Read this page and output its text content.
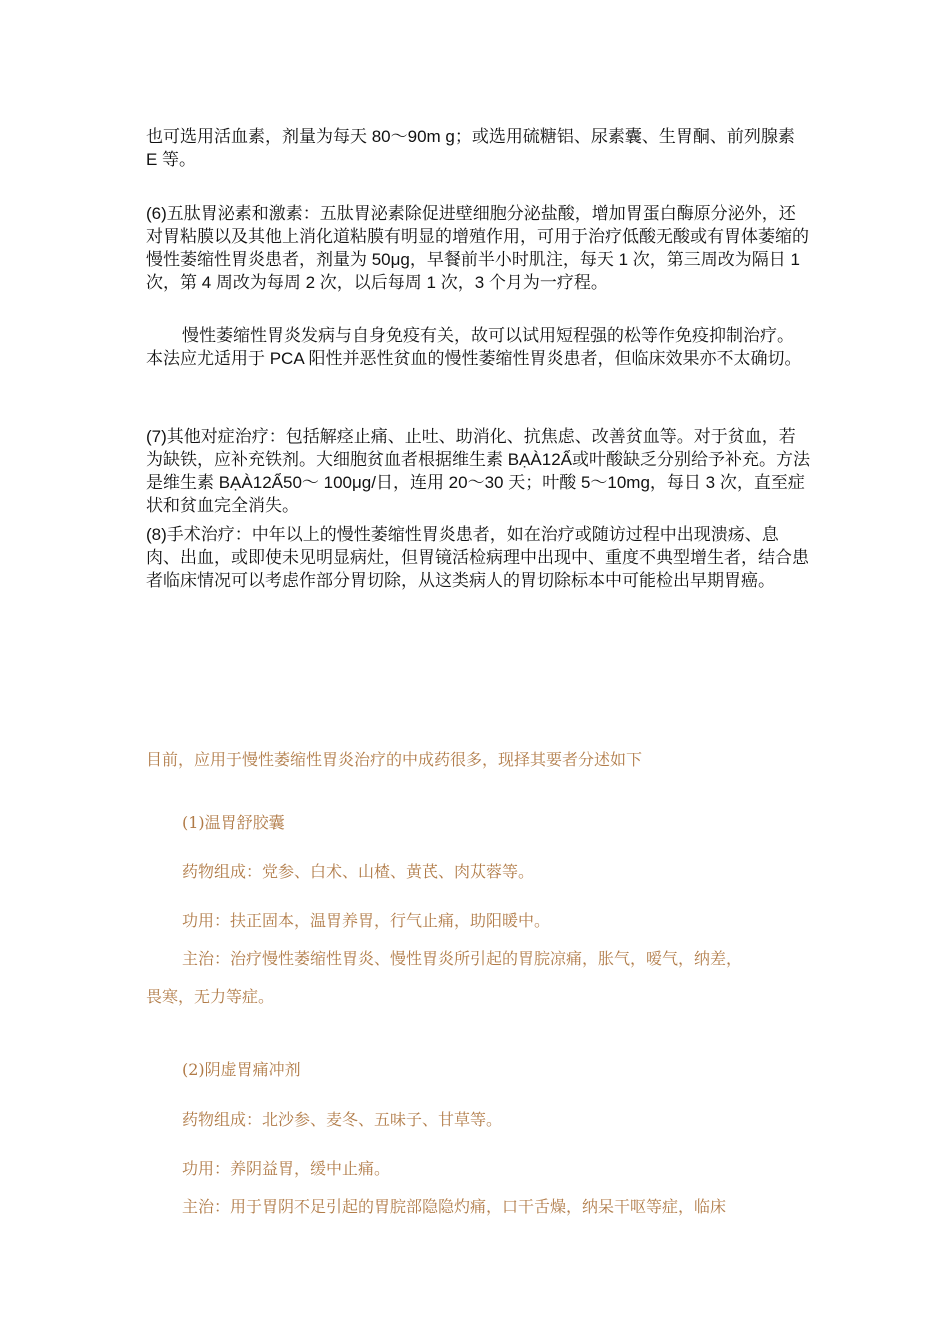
也可选用活血素，剂量为每天 80～90m g；或选用硫糖铝、尿素囊、生胃酮、前列腺素 E 等。

(6)五肽胃泌素和激素：五肽胃泌素除促进壁细胞分泌盐酸，增加胃蛋白酶原分泌外，还对胃粘膜以及其他上消化道粘膜有明显的增殖作用，可用于治疗低酸无酸或有胃体萎缩的慢性萎缩性胃炎患者，剂量为 50μg，早餐前半小时肌注，每天 1 次，第三周改为隔日 1 次，第 4 周改为每周 2 次，以后每周 1 次，3 个月为一疗程。

慢性萎缩性胃炎发病与自身免疫有关，故可以试用短程强的松等作免疫抑制治疗。本法应尤适用于 PCA 阳性并恶性贫血的慢性萎缩性胃炎患者，但临床效果亦不太确切。

(7)其他对症治疗：包括解痉止痛、止吐、助消化、抗焦虑、改善贫血等。对于贫血，若为缺铁，应补充铁剂。大细胞贫血者根据维生素 BẠÀ12Ẩ或叶酸缺乏分别给予补充。方法是维生素 BẠÀ12Ẩ50～ 100μg/日，连用 20～30 天；叶酸 5～10mg，每日 3 次，直至症状和贫血完全消失。

(8)手术治疗：中年以上的慢性萎缩性胃炎患者，如在治疗或随访过程中出现溃疡、息肉、出血，或即使未见明显病灶，但胃镜活检病理中出现中、重度不典型增生者，结合患者临床情况可以考虑作部分胃切除，从这类病人的胃切除标本中可能检出早期胃癌。

目前，应用于慢性萎缩性胃炎治疗的中成药很多，现择其要者分述如下

(1)温胃舒胶囊

药物组成：党参、白术、山楂、黄芪、肉苁蓉等。

功用：扶正固本，温胃养胃，行气止痛，助阳暖中。

主治：治疗慢性萎缩性胃炎、慢性胃炎所引起的胃脘凉痛，胀气，嗳气，纳差，

畏寒，无力等症。

(2)阴虚胃痛冲剂

药物组成：北沙参、麦冬、五味子、甘草等。

功用：养阴益胃，缓中止痛。

主治：用于胃阴不足引起的胃脘部隐隐灼痛，口干舌燥，纳呆干呕等症，临床
